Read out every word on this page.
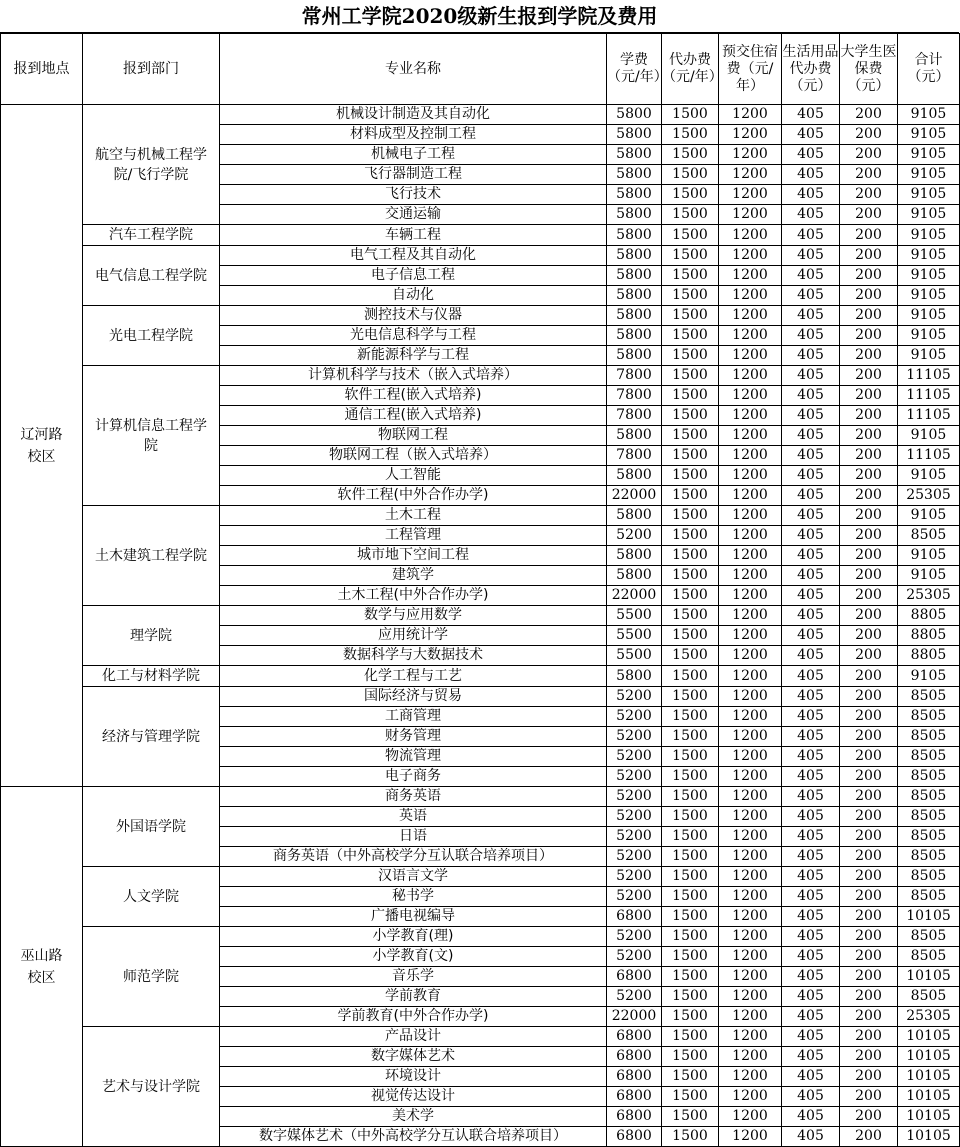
常州工学院2020级新生报到学院及费用
报到地点	报到部门	专业名称	学费（元/年）	代办费（元/年）	预交住宿费（元/年）	生活用品代办费（元）	大学生医保费（元）	合计（元）

辽河路校区	航空与机械工程学院/飞行学院	机械设计制造及其自动化	5800	1500	1200	405	200	9105
		材料成型及控制工程	5800	1500	1200	405	200	9105
		机械电子工程	5800	1500	1200	405	200	9105
		飞行器制造工程	5800	1500	1200	405	200	9105
		飞行技术	5800	1500	1200	405	200	9105
		交通运输	5800	1500	1200	405	200	9105

	汽车工程学院	车辆工程	5800	1500	1200	405	200	9105

	电气信息工程学院	电气工程及其自动化	5800	1500	1200	405	200	9105
		电子信息工程	5800	1500	1200	405	200	9105
		自动化	5800	1500	1200	405	200	9105

	光电工程学院	测控技术与仪器	5800	1500	1200	405	200	9105
		光电信息科学与工程	5800	1500	1200	405	200	9105
		新能源科学与工程	5800	1500	1200	405	200	9105

	计算机信息工程学院	计算机科学与技术（嵌入式培养）	7800	1500	1200	405	200	11105
		软件工程(嵌入式培养)	7800	1500	1200	405	200	11105
		通信工程(嵌入式培养)	7800	1500	1200	405	200	11105
		物联网工程	5800	1500	1200	405	200	9105
		物联网工程（嵌入式培养）	7800	1500	1200	405	200	11105
		人工智能	5800	1500	1200	405	200	9105
		软件工程(中外合作办学)	22000	1500	1200	405	200	25305

	土木建筑工程学院	土木工程	5800	1500	1200	405	200	9105
		工程管理	5200	1500	1200	405	200	8505
		城市地下空间工程	5800	1500	1200	405	200	9105
		建筑学	5800	1500	1200	405	200	9105
		土木工程(中外合作办学)	22000	1500	1200	405	200	25305

	理学院	数学与应用数学	5500	1500	1200	405	200	8805
		应用统计学	5500	1500	1200	405	200	8805
		数据科学与大数据技术	5500	1500	1200	405	200	8805

	化工与材料学院	化学工程与工艺	5800	1500	1200	405	200	9105

	经济与管理学院	国际经济与贸易	5200	1500	1200	405	200	8505
		工商管理	5200	1500	1200	405	200	8505
		财务管理	5200	1500	1200	405	200	8505
		物流管理	5200	1500	1200	405	200	8505
		电子商务	5200	1500	1200	405	200	8505

巫山路校区	外国语学院	商务英语	5200	1500	1200	405	200	8505
		英语	5200	1500	1200	405	200	8505
		日语	5200	1500	1200	405	200	8505
		商务英语（中外高校学分互认联合培养项目）	5200	1500	1200	405	200	8505

	人文学院	汉语言文学	5200	1500	1200	405	200	8505
		秘书学	5200	1500	1200	405	200	8505
		广播电视编导	6800	1500	1200	405	200	10105

	师范学院	小学教育(理)	5200	1500	1200	405	200	8505
		小学教育(文)	5200	1500	1200	405	200	8505
		音乐学	6800	1500	1200	405	200	10105
		学前教育	5200	1500	1200	405	200	8505
		学前教育(中外合作办学)	22000	1500	1200	405	200	25305

	艺术与设计学院	产品设计	6800	1500	1200	405	200	10105
		数字媒体艺术	6800	1500	1200	405	200	10105
		环境设计	6800	1500	1200	405	200	10105
		视觉传达设计	6800	1500	1200	405	200	10105
		美术学	6800	1500	1200	405	200	10105
		数字媒体艺术（中外高校学分互认联合培养项目）	6800	1500	1200	405	200	10105
